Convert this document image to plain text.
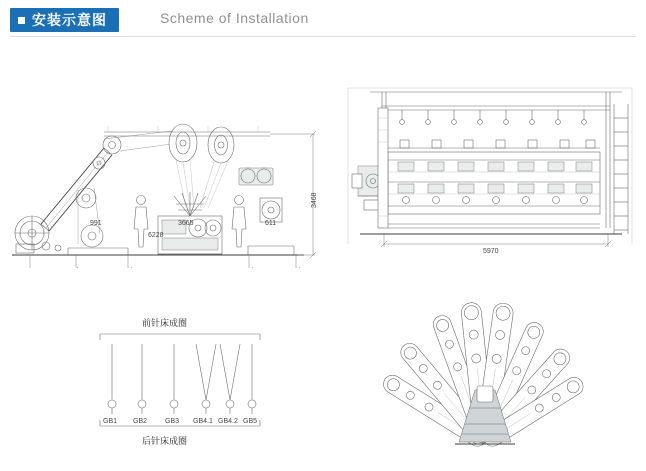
安装示意图	Scheme of Installation
991	3665	611
6228
3468
5970
前针床成圈
后针床成圈
GB1 GB2	GB3 GB4.1 GB4.2 GB5
